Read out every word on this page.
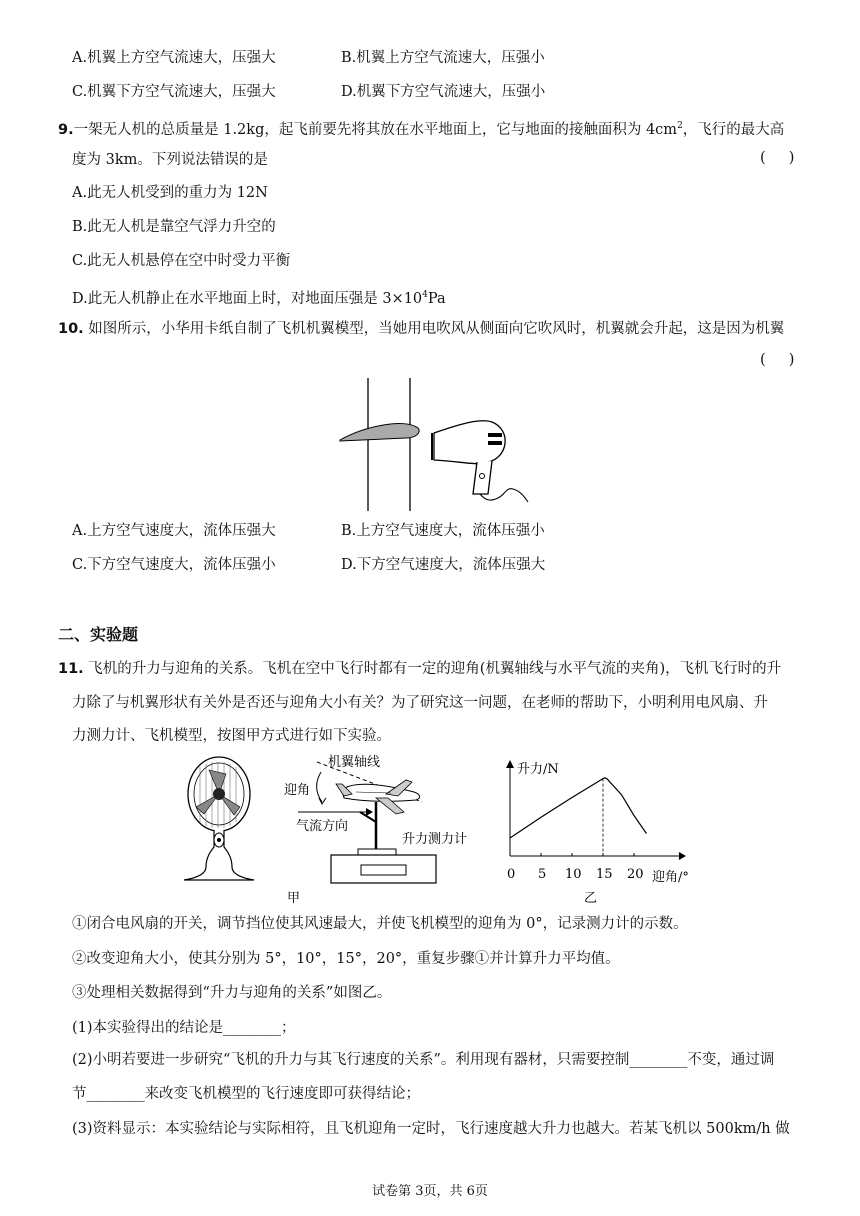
A.机翼上方空气流速大，压强大	B.机翼上方空气流速大，压强小
C.机翼下方空气流速大，压强大	D.机翼下方空气流速大，压强小
9.一架无人机的总质量是 1.2kg，起飞前要先将其放在水平地面上，它与地面的接触面积为 $4cm^2$，飞行的最大高
度为 3km。下列说法错误的是	(     )
A.此无人机受到的重力为 12N
B.此无人机是靠空气浮力升空的
C.此无人机悬停在空中时受力平衡
D.此无人机静止在水平地面上时，对地面压强是 $3\times 10^4Pa$
10. 如图所示，小华用卡纸自制了飞机机翼模型，当她用电吹风从侧面向它吹风时，机翼就会升起，这是因为机翼
(     )
A.上方空气速度大，流体压强大	B.上方空气速度大，流体压强小
C.下方空气速度大，流体压强小	D.下方空气速度大，流体压强大
二、实验题
11. 飞机的升力与迎角的关系。飞机在空中飞行时都有一定的迎角(机翼轴线与水平气流的夹角)，飞机飞行时的升
力除了与机翼形状有关外是否还与迎角大小有关？为了研究这一问题，在老师的帮助下，小明利用电风扇、升
力测力计、飞机模型，按图甲方式进行如下实验。
机翼轴线
迎角
气流方向
升力测力计
甲
升力/N
迎角/°
0 5 10 15 20
乙
①闭合电风扇的开关，调节挡位使其风速最大，并使飞机模型的迎角为 0°，记录测力计的示数。
②改变迎角大小，使其分别为 5°，10°，15°，20°，重复步骤①并计算升力平均值。
③处理相关数据得到“升力与迎角的关系”如图乙。
(1)本实验得出的结论是________；
(2)小明若要进一步研究“飞机的升力与其飞行速度的关系”。利用现有器材，只需要控制________不变，通过调
节________来改变飞机模型的飞行速度即可获得结论；
(3)资料显示：本实验结论与实际相符，且飞机迎角一定时，飞行速度越大升力也越大。若某飞机以 500km/h 做
试卷第 3页，共 6页
